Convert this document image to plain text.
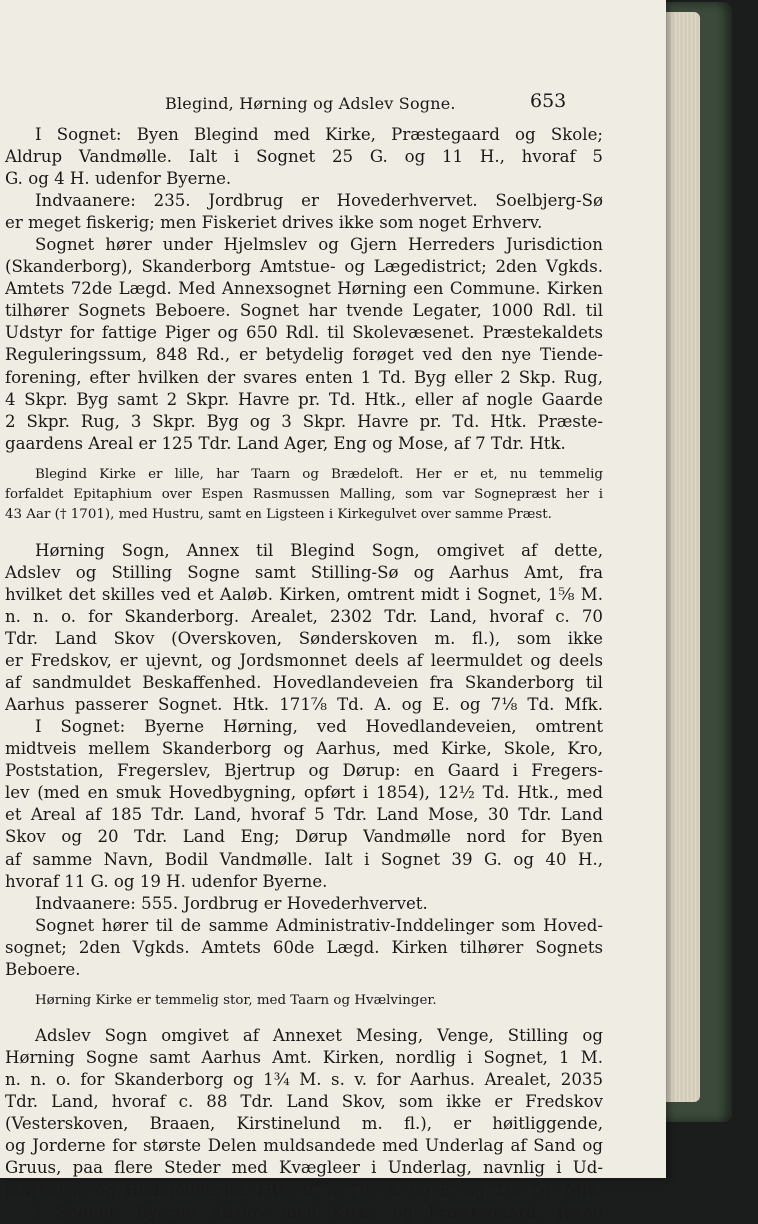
Blegind, Hørning og Adslev Sogne.	653
I Sognet: Byen Blegind med Kirke, Præstegaard og Skole;
Aldrup Vandmølle. Ialt i Sognet 25 G. og 11 H., hvoraf 5
G. og 4 H. udenfor Byerne.
Indvaanere: 235. Jordbrug er Hovederhvervet. Soelbjerg-Sø
er meget fiskerig; men Fiskeriet drives ikke som noget Erhverv.
Sognet hører under Hjelmslev og Gjern Herreders Jurisdiction
(Skanderborg), Skanderborg Amtstue- og Lægedistrict; 2den Vgkds.
Amtets 72de Lægd. Med Annexsognet Hørning een Commune. Kirken
tilhører Sognets Beboere. Sognet har tvende Legater, 1000 Rdl. til
Udstyr for fattige Piger og 650 Rdl. til Skolevæsenet. Præstekaldets
Reguleringssum, 848 Rd., er betydelig forøget ved den nye Tiende-
forening, efter hvilken der svares enten 1 Td. Byg eller 2 Skp. Rug,
4 Skpr. Byg samt 2 Skpr. Havre pr. Td. Htk., eller af nogle Gaarde
2 Skpr. Rug, 3 Skpr. Byg og 3 Skpr. Havre pr. Td. Htk. Præste-
gaardens Areal er 125 Tdr. Land Ager, Eng og Mose, af 7 Tdr. Htk.
Blegind Kirke er lille, har Taarn og Brædeloft. Her er et, nu temmelig
forfaldet Epitaphium over Espen Rasmussen Malling, som var Sognepræst her i
43 Aar († 1701), med Hustru, samt en Ligsteen i Kirkegulvet over samme Præst.
Hørning Sogn, Annex til Blegind Sogn, omgivet af dette,
Adslev og Stilling Sogne samt Stilling-Sø og Aarhus Amt, fra
hvilket det skilles ved et Aaløb. Kirken, omtrent midt i Sognet, 1⅝ M.
n. n. o. for Skanderborg. Arealet, 2302 Tdr. Land, hvoraf c. 70
Tdr. Land Skov (Overskoven, Sønderskoven m. fl.), som ikke
er Fredskov, er ujevnt, og Jordsmonnet deels af leermuldet og deels
af sandmuldet Beskaffenhed. Hovedlandeveien fra Skanderborg til
Aarhus passerer Sognet. Htk. 171⅞ Td. A. og E. og 7⅛ Td. Mfk.
I Sognet: Byerne Hørning, ved Hovedlandeveien, omtrent
midtveis mellem Skanderborg og Aarhus, med Kirke, Skole, Kro,
Poststation, Fregerslev, Bjertrup og Dørup: en Gaard i Fregers-
lev (med en smuk Hovedbygning, opført i 1854), 12½ Td. Htk., med
et Areal af 185 Tdr. Land, hvoraf 5 Tdr. Land Mose, 30 Tdr. Land
Skov og 20 Tdr. Land Eng; Dørup Vandmølle nord for Byen
af samme Navn, Bodil Vandmølle. Ialt i Sognet 39 G. og 40 H.,
hvoraf 11 G. og 19 H. udenfor Byerne.
Indvaanere: 555. Jordbrug er Hovederhvervet.
Sognet hører til de samme Administrativ-Inddelinger som Hoved-
sognet; 2den Vgkds. Amtets 60de Lægd. Kirken tilhører Sognets
Beboere.
Hørning Kirke er temmelig stor, med Taarn og Hvælvinger.
Adslev Sogn omgivet af Annexet Mesing, Venge, Stilling og
Hørning Sogne samt Aarhus Amt. Kirken, nordlig i Sognet, 1 M.
n. n. o. for Skanderborg og 1¾ M. s. v. for Aarhus. Arealet, 2035
Tdr. Land, hvoraf c. 88 Tdr. Land Skov, som ikke er Fredskov
(Vesterskoven, Braaen, Kirstinelund m. fl.), er høitliggende,
og Jorderne for største Delen muldsandede med Underlag af Sand og
Gruus, paa flere Steder med Kvægleer i Underlag, navnlig i Ud-
markerne og Hedelodderne. Htk. 97⅝ Td. A. og E. og 2⅛ Td. Mfk.
I Sognet: Byerne Adslev med Kirke og Præstegaard, Jexen
